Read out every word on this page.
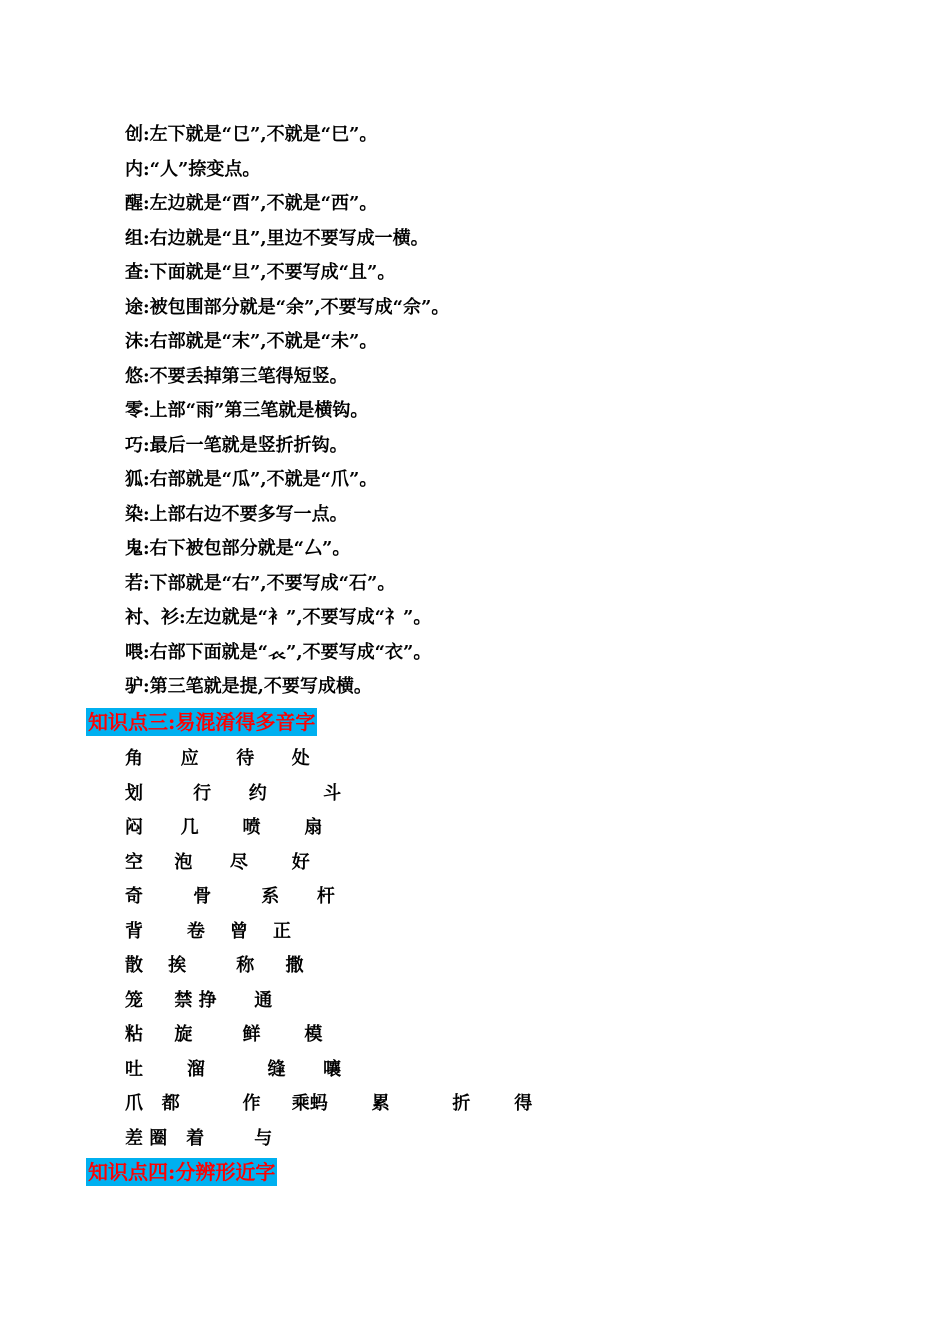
创:左下就是“㔾”,不就是“巳”。
内:“人”捺变点。
醒:左边就是“酉”,不就是“西”。
组:右边就是“且”,里边不要写成一横。
查:下面就是“旦”,不要写成“且”。
途:被包围部分就是“余”,不要写成“佘”。
沫:右部就是“末”,不就是“未”。
悠:不要丢掉第三笔得短竖。
零:上部“雨”第三笔就是横钩。
巧:最后一笔就是竖折折钩。
狐:右部就是“瓜”,不就是“爪”。
染:上部右边不要多写一点。
鬼:右下被包部分就是“厶”。
若:下部就是“右”,不要写成“石”。
衬、衫:左边就是“衤”,不要写成“礻”。
喂:右部下面就是“𧘇”,不要写成“衣”。
驴:第三笔就是提,不要写成横。
知识点三:易混淆得多音字
角      应      待      处
划        行      约         斗
闷      几       喷       扇
空     泡      尽       好
奇        骨        系      杆
背       卷    曾    正
散    挨        称     撒
笼     禁 挣      通
粘     旋        鲜       模
吐       溜          缝      嚷
爪   都          作     乘蚂       累          折       得
差 圈   着        与
知识点四:分辨形近字
